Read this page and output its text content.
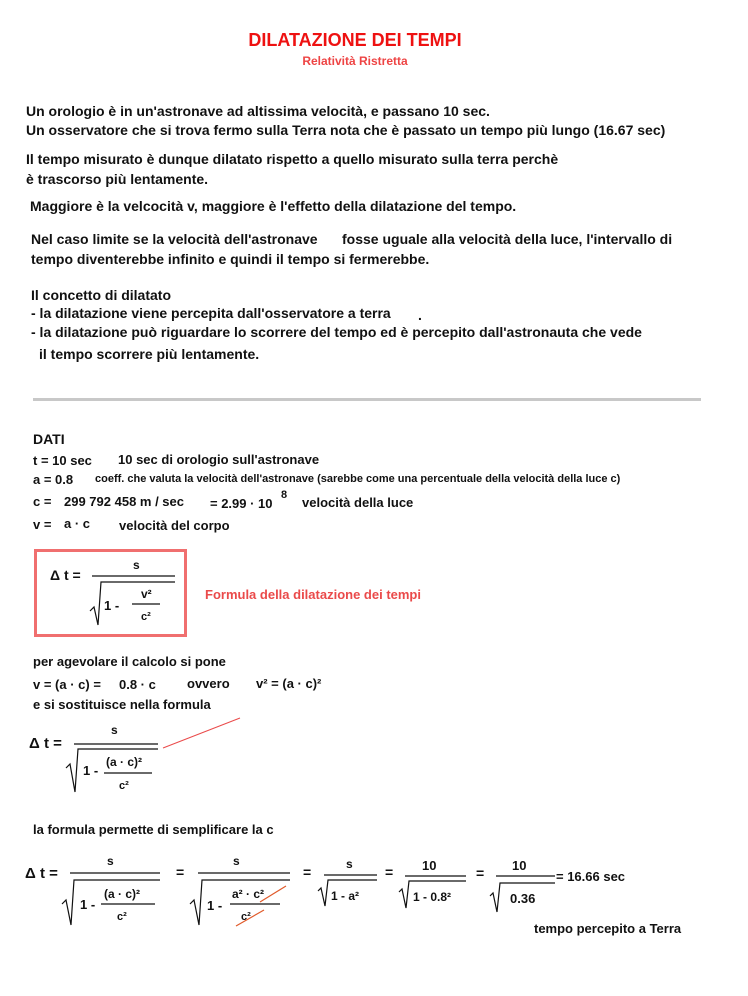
DILATAZIONE DEI TEMPI
Relatività Ristretta
Un orologio è in un'astronave ad altissima velocità, e passano 10 sec.
Un osservatore che si trova fermo sulla Terra nota che è passato un tempo più lungo (16.67 sec)
Il tempo misurato è dunque dilatato rispetto a quello misurato sulla terra perchè
è trascorso più lentamente.
Maggiore è la velcocità v, maggiore è l'effetto della dilatazione del tempo.
Nel caso limite se la velocità dell'astronave fosse uguale alla velocità della luce, l'intervallo di
tempo diventerebbe infinito e quindi il tempo si fermerebbe.
Il concetto di dilatato
- la dilatazione viene percepita dall'osservatore a terra .
- la dilatazione può riguardare lo scorrere del tempo ed è percepito dall'astronauta che vede
il tempo scorrere più lentamente.
DATI
t = 10 sec 10 sec di orologio sull'astronave
a = 0.8 coeff. che valuta la velocità dell'astronave (sarebbe come una percentuale della velocità della luce c)
c = 299 792 458 m / sec = 2.99 · 10
8 velocità della luce
v = a · c velocità del corpo
Δ t =
s
1 -
v²
c²
Formula della dilatazione dei tempi
per agevolare il calcolo si pone
v = (a · c) = 0.8 · c ovvero v² = (a · c)²
e si sostituisce nella formula
Δ t =
s
1 -
(a · c)²
c²
la formula permette di semplificare la c
Δ t =
s
1 -
(a · c)²
c²
=
s
1 -
a² · c²
c²
=	s
1 - a²
= 10
1 - 0.8²
= 10
0.36
= 16.66 sec
tempo percepito a Terra
